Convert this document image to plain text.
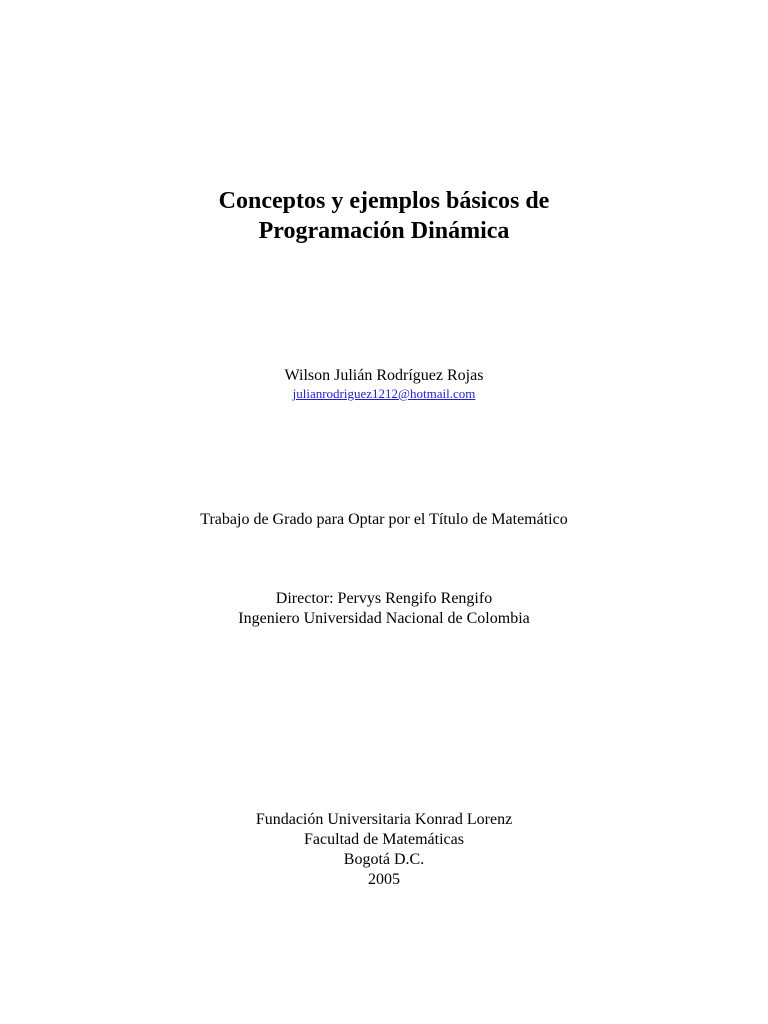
Conceptos y ejemplos básicos de
Programación Dinámica
Wilson Julián Rodríguez Rojas
julianrodriguez1212@hotmail.com
Trabajo de Grado para Optar por el Título de Matemático
Director: Pervys Rengifo Rengifo
Ingeniero Universidad Nacional de Colombia
Fundación Universitaria Konrad Lorenz
Facultad de Matemáticas
Bogotá D.C.
2005
